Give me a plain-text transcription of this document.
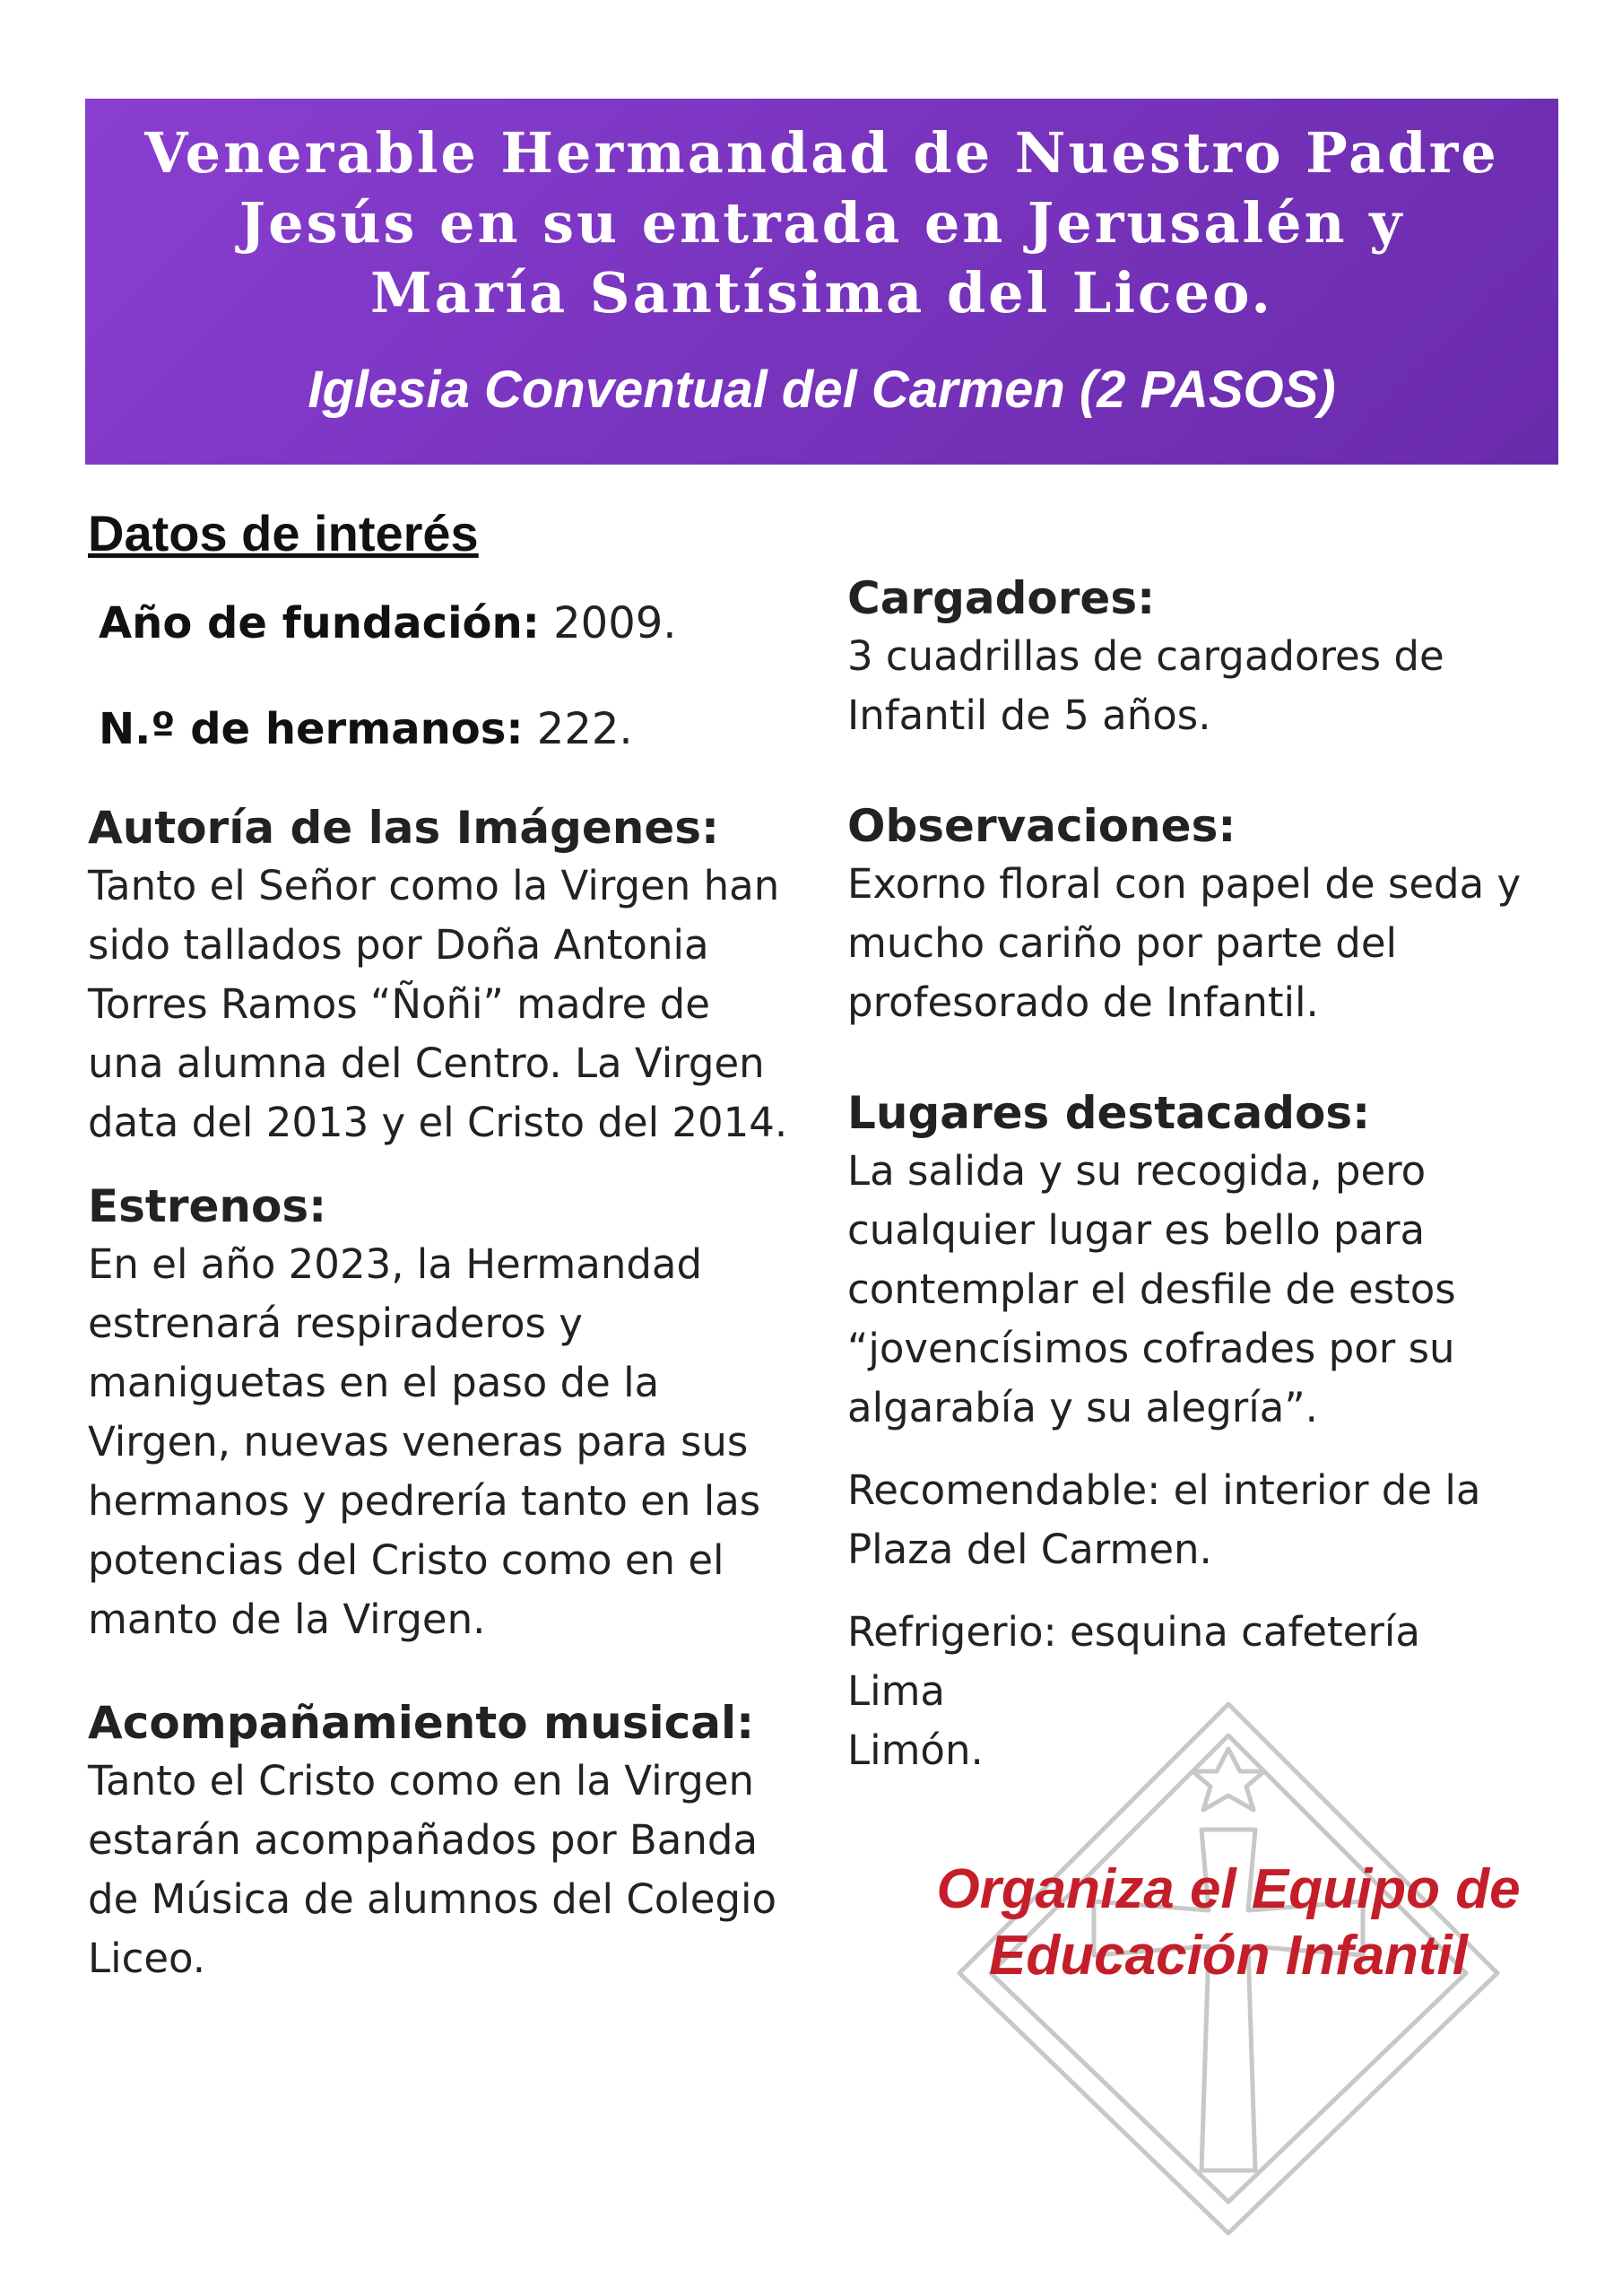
Venerable Hermandad de Nuestro Padre
Jesús en su entrada en Jerusalén y
María Santísima del Liceo.

Iglesia Conventual del Carmen (2 PASOS)

Datos de interés

Año de fundación: 2009.

N.º de hermanos: 222.

Autoría de las Imágenes:

Tanto el Señor como la Virgen han

sido tallados por Doña Antonia

Torres Ramos “Ñoñi” madre de

una alumna del Centro. La Virgen

data del 2013 y el Cristo del 2014.

Estrenos:

En el año 2023, la Hermandad

estrenará respiraderos y

maniguetas en el paso de la

Virgen, nuevas veneras para sus

hermanos y pedrería tanto en las

potencias del Cristo como en el

manto de la Virgen.

Acompañamiento musical:

Tanto el Cristo como en la Virgen

estarán acompañados por Banda

de Música de alumnos del Colegio

Liceo.

Cargadores:

3 cuadrillas de cargadores de

Infantil de 5 años.

Observaciones:

Exorno floral con papel de seda y

mucho cariño por parte del

profesorado de Infantil.

Lugares destacados:

La salida y su recogida, pero

cualquier lugar es bello para

contemplar el desfile de estos

“jovencísimos cofrades por su

algarabía y su alegría”.

Recomendable: el interior de la

Plaza del Carmen.

Refrigerio: esquina cafetería Lima

Limón.

Organiza el Equipo de
Educación Infantil
